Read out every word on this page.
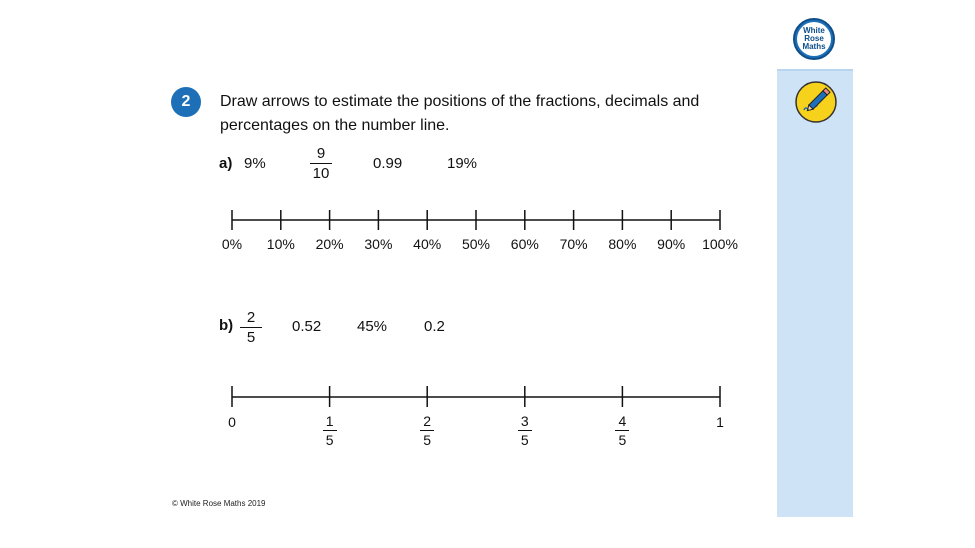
White
Rose
Maths
2	Draw arrows to estimate the positions of the fractions, decimals and
percentages on the number line.
a) 9%
9
10
0.99	19%
0% 10% 20% 30% 40% 50% 60% 70% 80% 90% 100%
b) 2
5
0.52 45% 0.2
0	1
1
5
2
5
3
5
4
5
© White Rose Maths 2019
